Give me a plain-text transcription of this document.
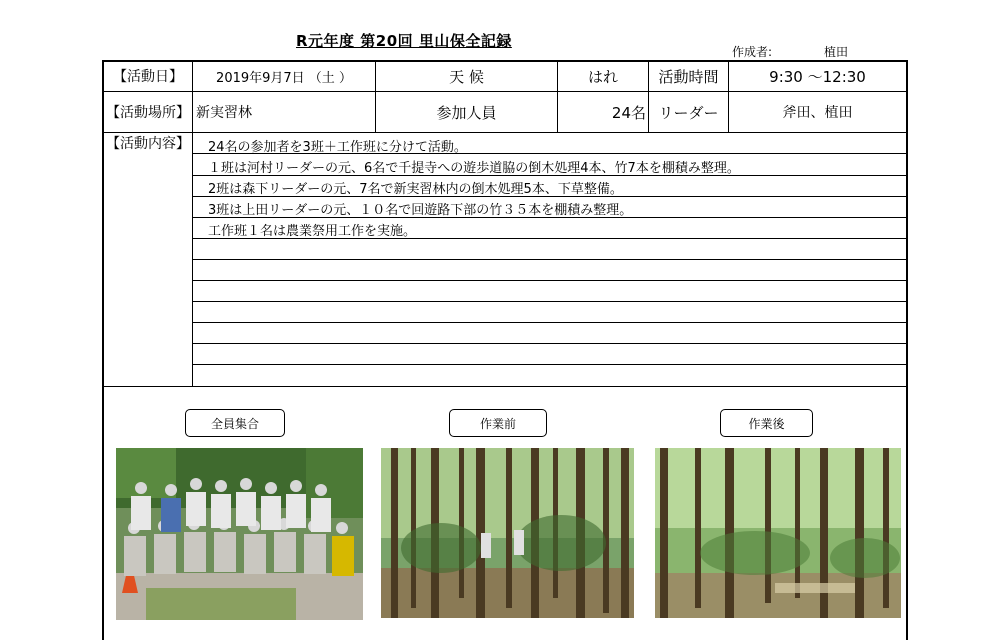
R元年度 第20回 里山保全記録
作成者:	植田
【活動日】	2019年9月7日 （土 ）	天 候	はれ	活動時間	9:30 〜12:30
【活動場所】 新実習林	参加人員	24名 リーダー	斧田、植田
【活動内容】 24名の参加者を3班＋工作班に分けて活動。
１班は河村リーダーの元、6名で千提寺への遊歩道脇の倒木処理4本、竹7本を棚積み整理。
2班は森下リーダーの元、7名で新実習林内の倒木処理5本、下草整備。
3班は上田リーダーの元、１０名で回遊路下部の竹３５本を棚積み整理。
工作班１名は農業祭用工作を実施。
全員集合	作業前	作業後
